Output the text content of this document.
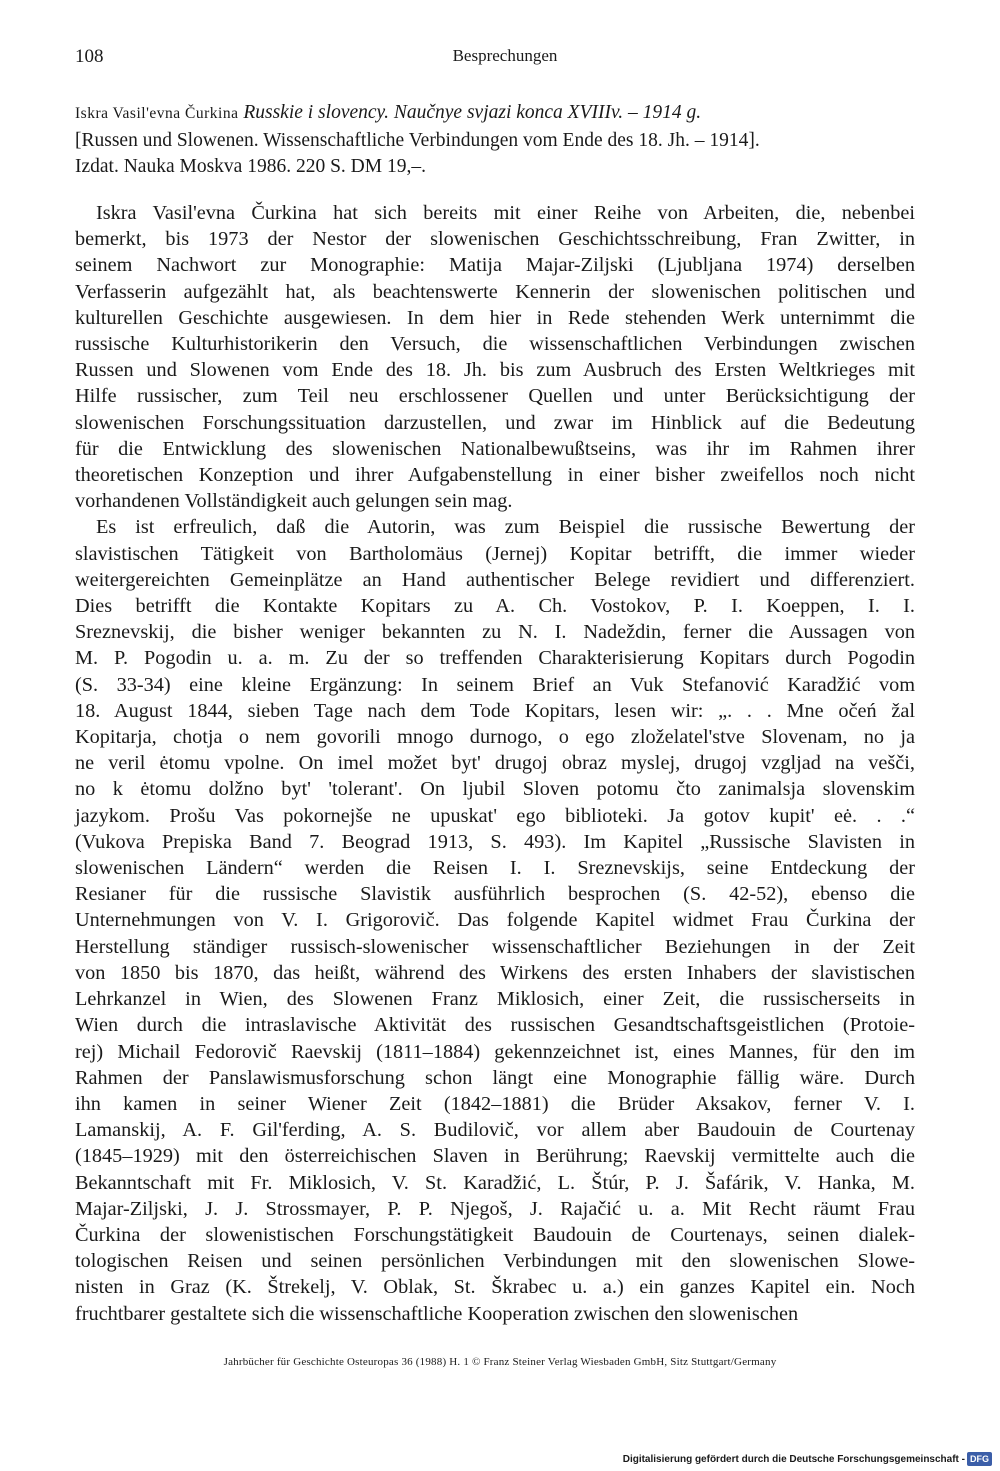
108	Besprechungen
Iskra Vasil'evna Čurkina Russkie i slovency. Naučnye svjazi konca XVIIIv. – 1914 g.
[Russen und Slowenen. Wissenschaftliche Verbindungen vom Ende des 18. Jh. – 1914].
Izdat. Nauka Moskva 1986. 220 S. DM 19,–.
Iskra Vasil'evna Čurkina hat sich bereits mit einer Reihe von Arbeiten, die, nebenbei
bemerkt, bis 1973 der Nestor der slowenischen Geschichtsschreibung, Fran Zwitter, in
seinem Nachwort zur Monographie: Matija Majar-Ziljski (Ljubljana 1974) derselben
Verfasserin aufgezählt hat, als beachtenswerte Kennerin der slowenischen politischen und
kulturellen Geschichte ausgewiesen. In dem hier in Rede stehenden Werk unternimmt die
russische Kulturhistorikerin den Versuch, die wissenschaftlichen Verbindungen zwischen
Russen und Slowenen vom Ende des 18. Jh. bis zum Ausbruch des Ersten Weltkrieges mit
Hilfe russischer, zum Teil neu erschlossener Quellen und unter Berücksichtigung der
slowenischen Forschungssituation darzustellen, und zwar im Hinblick auf die Bedeutung
für die Entwicklung des slowenischen Nationalbewußtseins, was ihr im Rahmen ihrer
theoretischen Konzeption und ihrer Aufgabenstellung in einer bisher zweifellos noch nicht
vorhandenen Vollständigkeit auch gelungen sein mag.
Es ist erfreulich, daß die Autorin, was zum Beispiel die russische Bewertung der
slavistischen Tätigkeit von Bartholomäus (Jernej) Kopitar betrifft, die immer wieder
weitergereichten Gemeinplätze an Hand authentischer Belege revidiert und differenziert.
Dies betrifft die Kontakte Kopitars zu A. Ch. Vostokov, P. I. Koeppen, I. I.
Sreznevskij, die bisher weniger bekannten zu N. I. Nadeždin, ferner die Aussagen von
M. P. Pogodin u. a. m. Zu der so treffenden Charakterisierung Kopitars durch Pogodin
(S. 33-34) eine kleine Ergänzung: In seinem Brief an Vuk Stefanović Karadžić vom
18. August 1844, sieben Tage nach dem Tode Kopitars, lesen wir: „. . . Mne očeń žal
Kopitarja, chotja o nem govorili mnogo durnogo, o ego zloželatel'stve Slovenam, no ja
ne veril ėtomu vpolne. On imel možet byt' drugoj obraz myslej, drugoj vzgljad na vešči,
no k ėtomu dolžno byt' 'tolerant'. On ljubil Sloven potomu čto zanimalsja slovenskim
jazykom. Prošu Vas pokornejše ne upuskat' ego biblioteki. Ja gotov kupit' eė. . .“
(Vukova Prepiska Band 7. Beograd 1913, S. 493). Im Kapitel „Russische Slavisten in
slowenischen Ländern“ werden die Reisen I. I. Sreznevskijs, seine Entdeckung der
Resianer für die russische Slavistik ausführlich besprochen (S. 42-52), ebenso die
Unternehmungen von V. I. Grigorovič. Das folgende Kapitel widmet Frau Čurkina der
Herstellung ständiger russisch-slowenischer wissenschaftlicher Beziehungen in der Zeit
von 1850 bis 1870, das heißt, während des Wirkens des ersten Inhabers der slavistischen
Lehrkanzel in Wien, des Slowenen Franz Miklosich, einer Zeit, die russischerseits in
Wien durch die intraslavische Aktivität des russischen Gesandtschaftsgeistlichen (Protoie-
rej) Michail Fedorovič Raevskij (1811–1884) gekennzeichnet ist, eines Mannes, für den im
Rahmen der Panslawismusforschung schon längt eine Monographie fällig wäre. Durch
ihn kamen in seiner Wiener Zeit (1842–1881) die Brüder Aksakov, ferner V. I.
Lamanskij, A. F. Gil'ferding, A. S. Budilovič, vor allem aber Baudouin de Courtenay
(1845–1929) mit den österreichischen Slaven in Berührung; Raevskij vermittelte auch die
Bekanntschaft mit Fr. Miklosich, V. St. Karadžić, L. Štúr, P. J. Šafárik, V. Hanka, M.
Majar-Ziljski, J. J. Strossmayer, P. P. Njegoš, J. Rajačić u. a. Mit Recht räumt Frau
Čurkina der slowenistischen Forschungstätigkeit Baudouin de Courtenays, seinen dialek-
tologischen Reisen und seinen persönlichen Verbindungen mit den slowenischen Slowe-
nisten in Graz (K. Štrekelj, V. Oblak, St. Škrabec u. a.) ein ganzes Kapitel ein. Noch
fruchtbarer gestaltete sich die wissenschaftliche Kooperation zwischen den slowenischen
Jahrbücher für Geschichte Osteuropas 36 (1988) H. 1 © Franz Steiner Verlag Wiesbaden GmbH, Sitz Stuttgart/Germany
Digitalisierung gefördert durch die Deutsche Forschungsgemeinschaft - DFG
